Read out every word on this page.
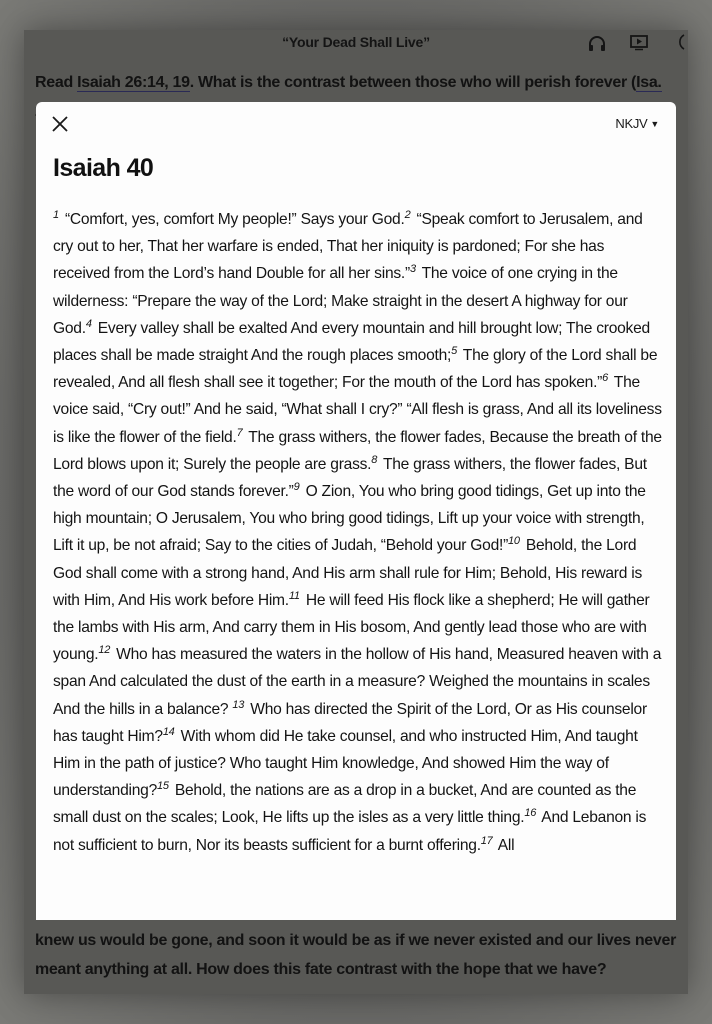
“Your Dead Shall Live”
Read Isaiah 26:14, 19. What is the contrast between those who will perish forever (Isa.
knew us would be gone, and soon it would be as if we never existed and our lives never
meant anything at all. How does this fate contrast with the hope that we have?
NKJV ▼
Isaiah 40
$^1$ “Comfort, yes, comfort My people!” Says your God.$^2$ “Speak comfort to Jerusalem, and cry out to her, That her warfare is ended, That her iniquity is pardoned; For she has received from the Lord’s hand Double for all her sins.”$^3$ The voice of one crying in the wilderness: “Prepare the way of the Lord; Make straight in the desert A highway for our God.$^4$ Every valley shall be exalted And every mountain and hill brought low; The crooked places shall be made straight And the rough places smooth;$^5$ The glory of the Lord shall be revealed, And all flesh shall see it together; For the mouth of the Lord has spoken.”$^6$ The voice said, “Cry out!” And he said, “What shall I cry?” “All flesh is grass, And all its loveliness is like the flower of the field.$^7$ The grass withers, the flower fades, Because the breath of the Lord blows upon it; Surely the people are grass.$^8$ The grass withers, the flower fades, But the word of our God stands forever.”$^9$ O Zion, You who bring good tidings, Get up into the high mountain; O Jerusalem, You who bring good tidings, Lift up your voice with strength, Lift it up, be not afraid; Say to the cities of Judah, “Behold your God!”$^{10}$ Behold, the Lord God shall come with a strong hand, And His arm shall rule for Him; Behold, His reward is with Him, And His work before Him.$^{11}$ He will feed His flock like a shepherd; He will gather the lambs with His arm, And carry them in His bosom, And gently lead those who are with young.$^{12}$ Who has measured the waters in the hollow of His hand, Measured heaven with a span And calculated the dust of the earth in a measure? Weighed the mountains in scales And the hills in a balance? $^{13}$ Who has directed the Spirit of the Lord, Or as His counselor has taught Him?$^{14}$ With whom did He take counsel, and who instructed Him, And taught Him in the path of justice? Who taught Him knowledge, And showed Him the way of understanding?$^{15}$ Behold, the nations are as a drop in a bucket, And are counted as the small dust on the scales; Look, He lifts up the isles as a very little thing.$^{16}$ And Lebanon is not sufficient to burn, Nor its beasts sufficient for a burnt offering.$^{17}$ All
